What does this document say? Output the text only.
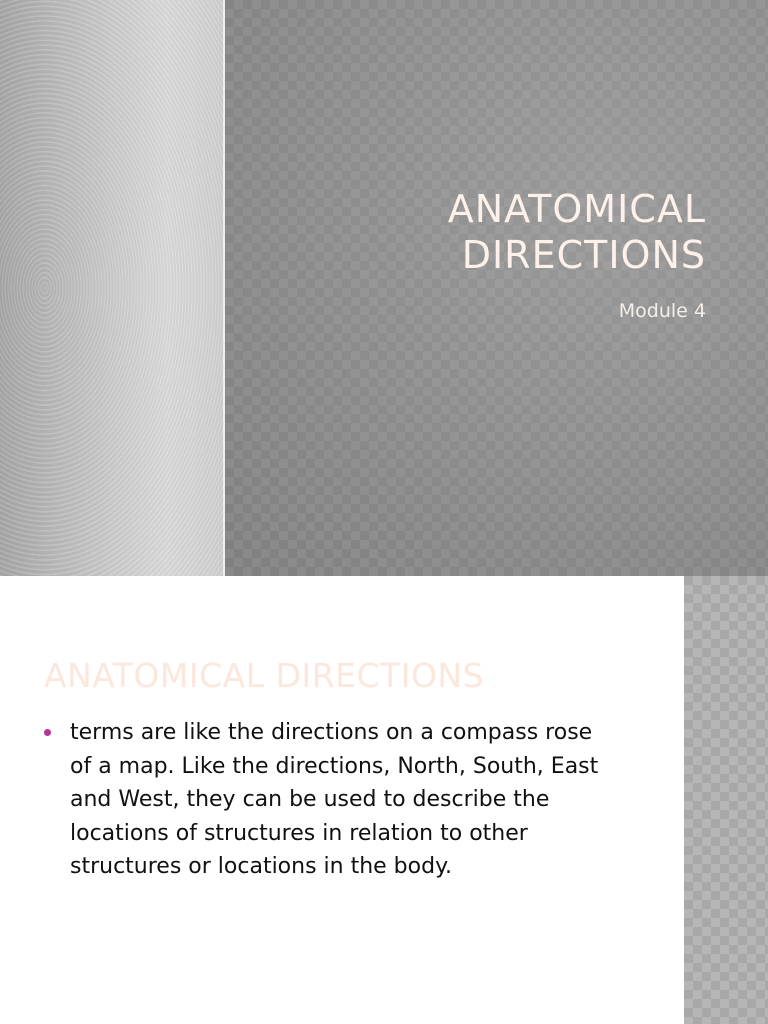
ANATOMICAL
DIRECTIONS

Module 4

ANATOMICAL DIRECTIONS
terms are like the directions on a compass rose of a map. Like the directions, North, South, East and West, they can be used to describe the locations of structures in relation to other structures or locations in the body.
